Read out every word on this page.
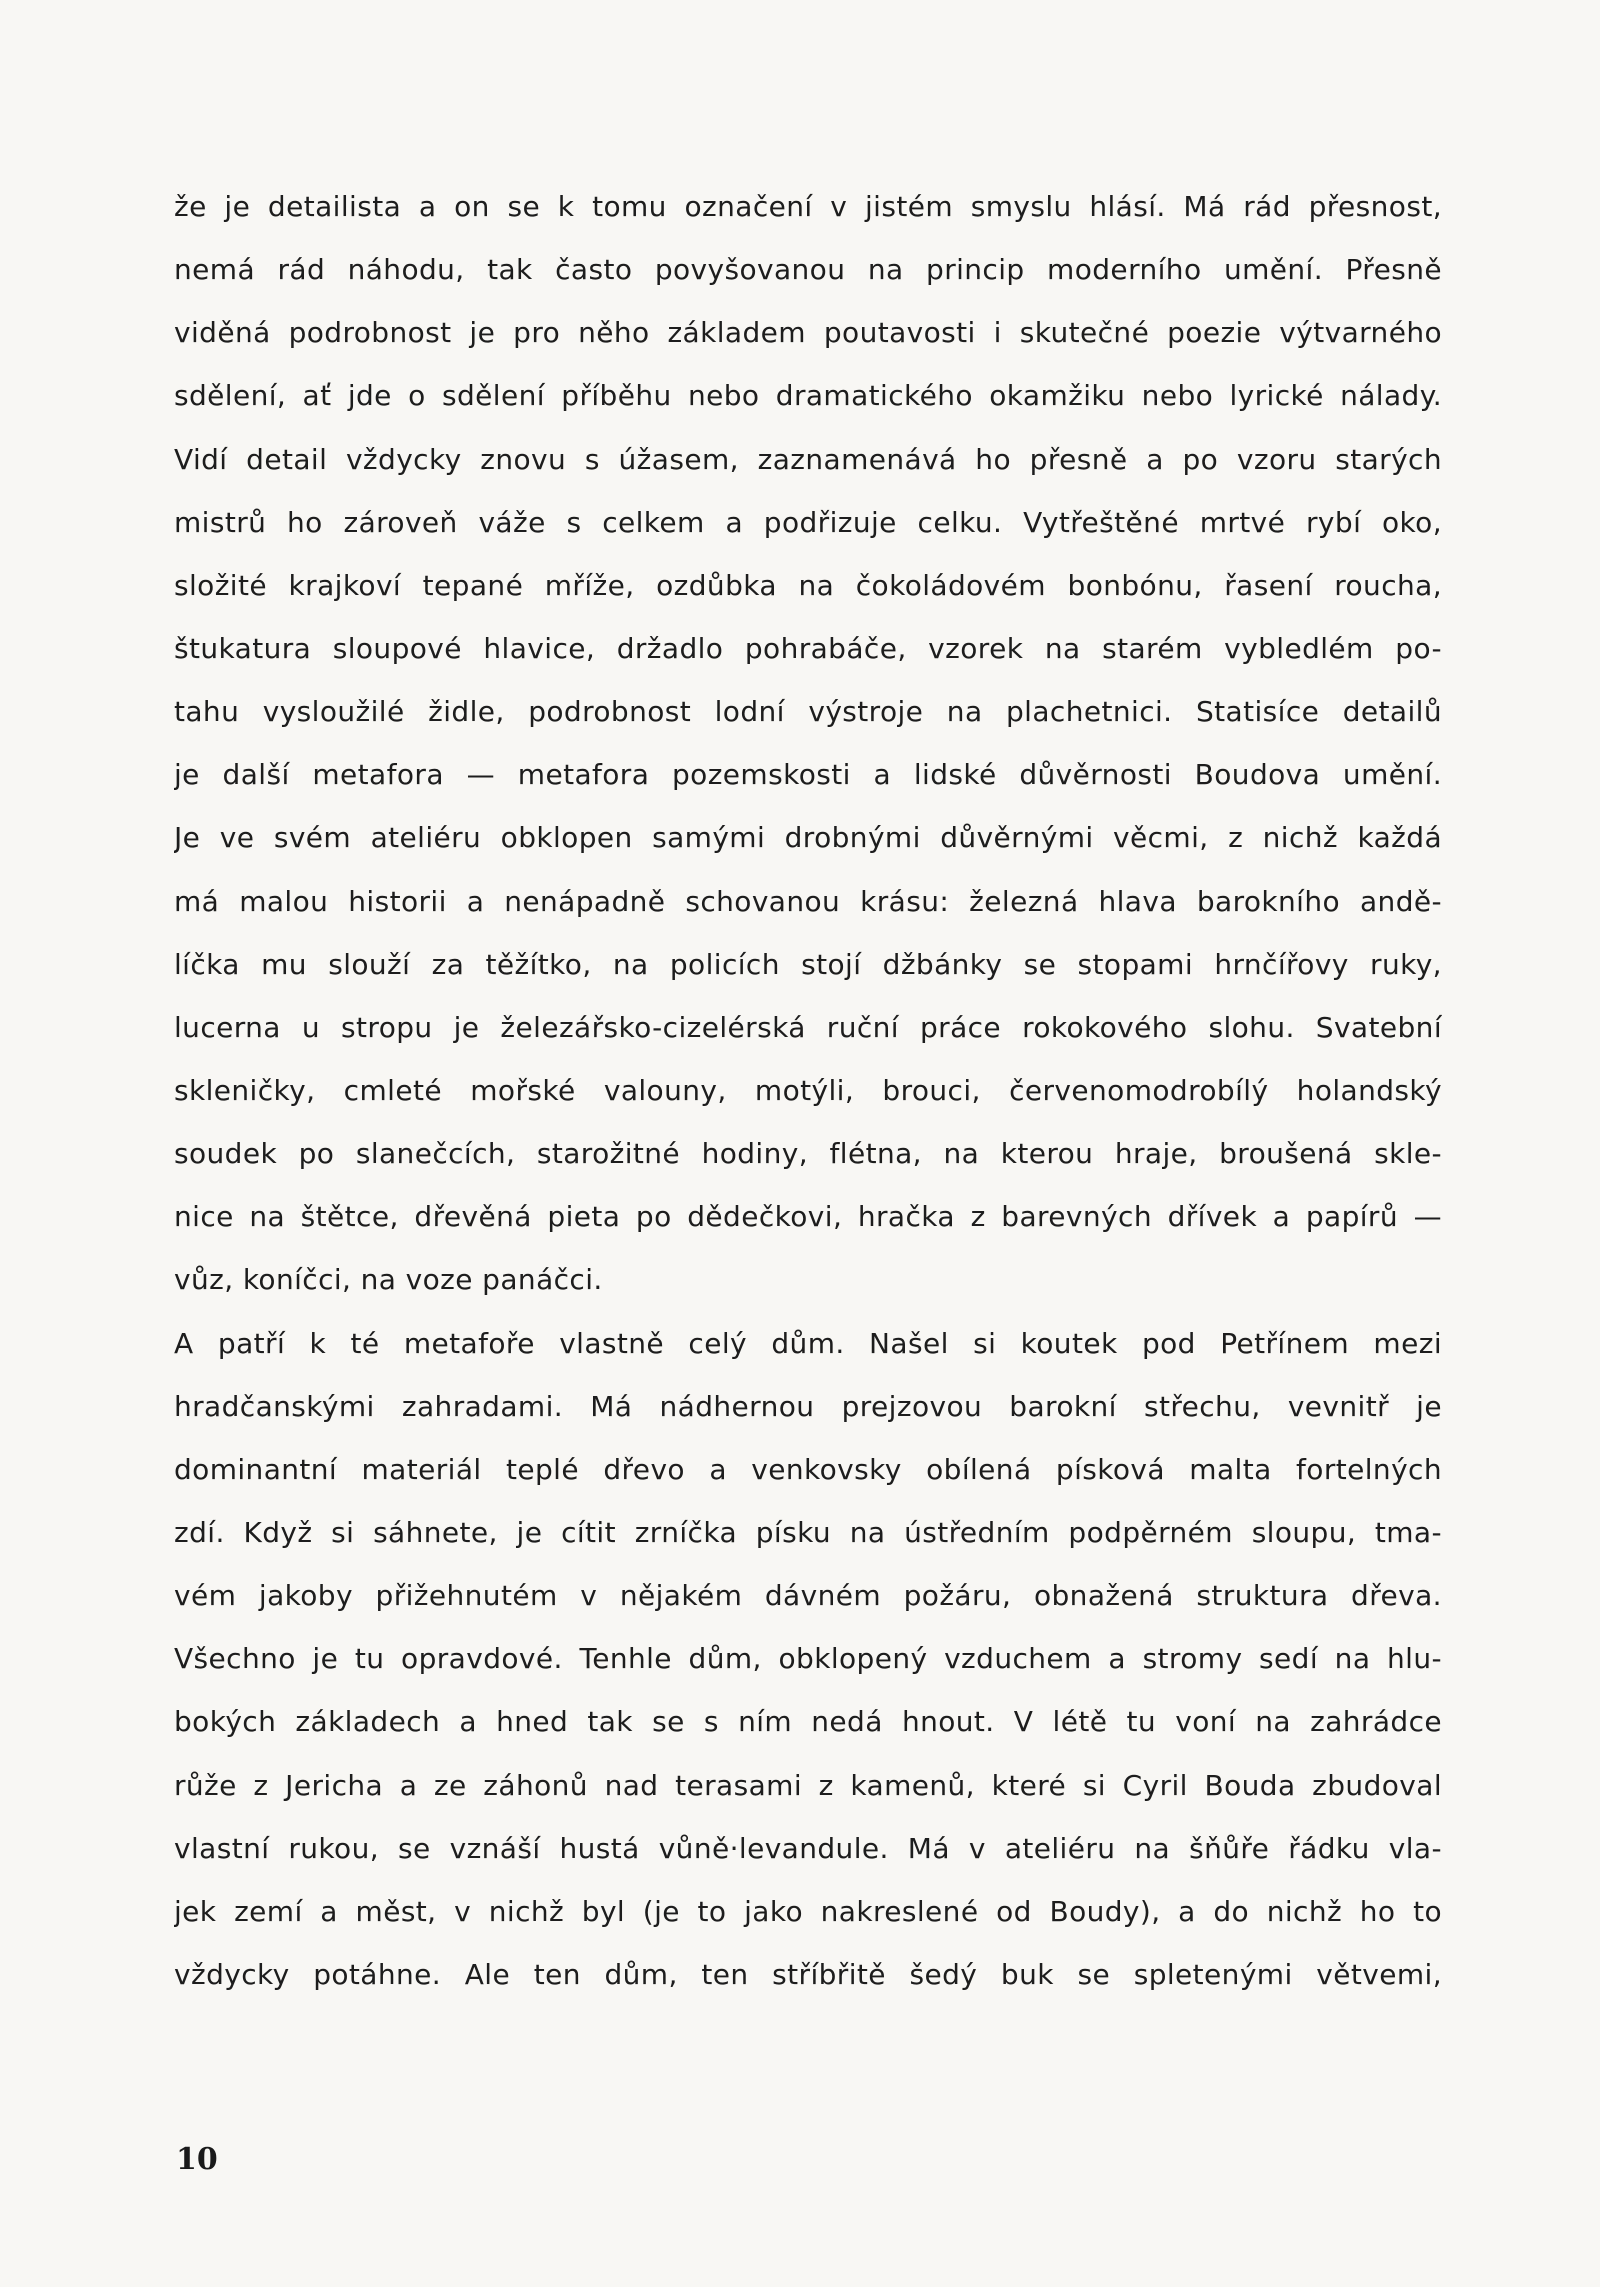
že je detailista a on se k tomu označení v jistém smyslu hlásí. Má rád přesnost,
nemá rád náhodu, tak často povyšovanou na princip moderního umění. Přesně
viděná podrobnost je pro něho základem poutavosti i skutečné poezie výtvarného
sdělení, ať jde o sdělení příběhu nebo dramatického okamžiku nebo lyrické nálady.
Vidí detail vždycky znovu s úžasem, zaznamenává ho přesně a po vzoru starých
mistrů ho zároveň váže s celkem a podřizuje celku. Vytřeštěné mrtvé rybí oko,
složité krajkoví tepané mříže, ozdůbka na čokoládovém bonbónu, řasení roucha,
štukatura sloupové hlavice, držadlo pohrabáče, vzorek na starém vybledlém po-
tahu vysloužilé židle, podrobnost lodní výstroje na plachetnici. Statisíce detailů
je další metafora — metafora pozemskosti a lidské důvěrnosti Boudova umění.
Je ve svém ateliéru obklopen samými drobnými důvěrnými věcmi, z nichž každá
má malou historii a nenápadně schovanou krásu: železná hlava barokního andě-
líčka mu slouží za těžítko, na policích stojí džbánky se stopami hrnčířovy ruky,
lucerna u stropu je železářsko-cizelérská ruční práce rokokového slohu. Svatební
skleničky, cmleté mořské valouny, motýli, brouci, červenomodrobílý holandský
soudek po slanečcích, starožitné hodiny, flétna, na kterou hraje, broušená skle-
nice na štětce, dřevěná pieta po dědečkovi, hračka z barevných dřívek a papírů —
vůz, koníčci, na voze panáčci.
A patří k té metafoře vlastně celý dům. Našel si koutek pod Petřínem mezi
hradčanskými zahradami. Má nádhernou prejzovou barokní střechu, vevnitř je
dominantní materiál teplé dřevo a venkovsky obílená písková malta fortelných
zdí. Když si sáhnete, je cítit zrníčka písku na ústředním podpěrném sloupu, tma-
vém jakoby přižehnutém v nějakém dávném požáru, obnažená struktura dřeva.
Všechno je tu opravdové. Tenhle dům, obklopený vzduchem a stromy sedí na hlu-
bokých základech a hned tak se s ním nedá hnout. V létě tu voní na zahrádce
růže z Jericha a ze záhonů nad terasami z kamenů, které si Cyril Bouda zbudoval
vlastní rukou, se vznáší hustá vůně·levandule. Má v ateliéru na šňůře řádku vla-
jek zemí a měst, v nichž byl (je to jako nakreslené od Boudy), a do nichž ho to
vždycky potáhne. Ale ten dům, ten stříbřitě šedý buk se spletenými větvemi,
10
